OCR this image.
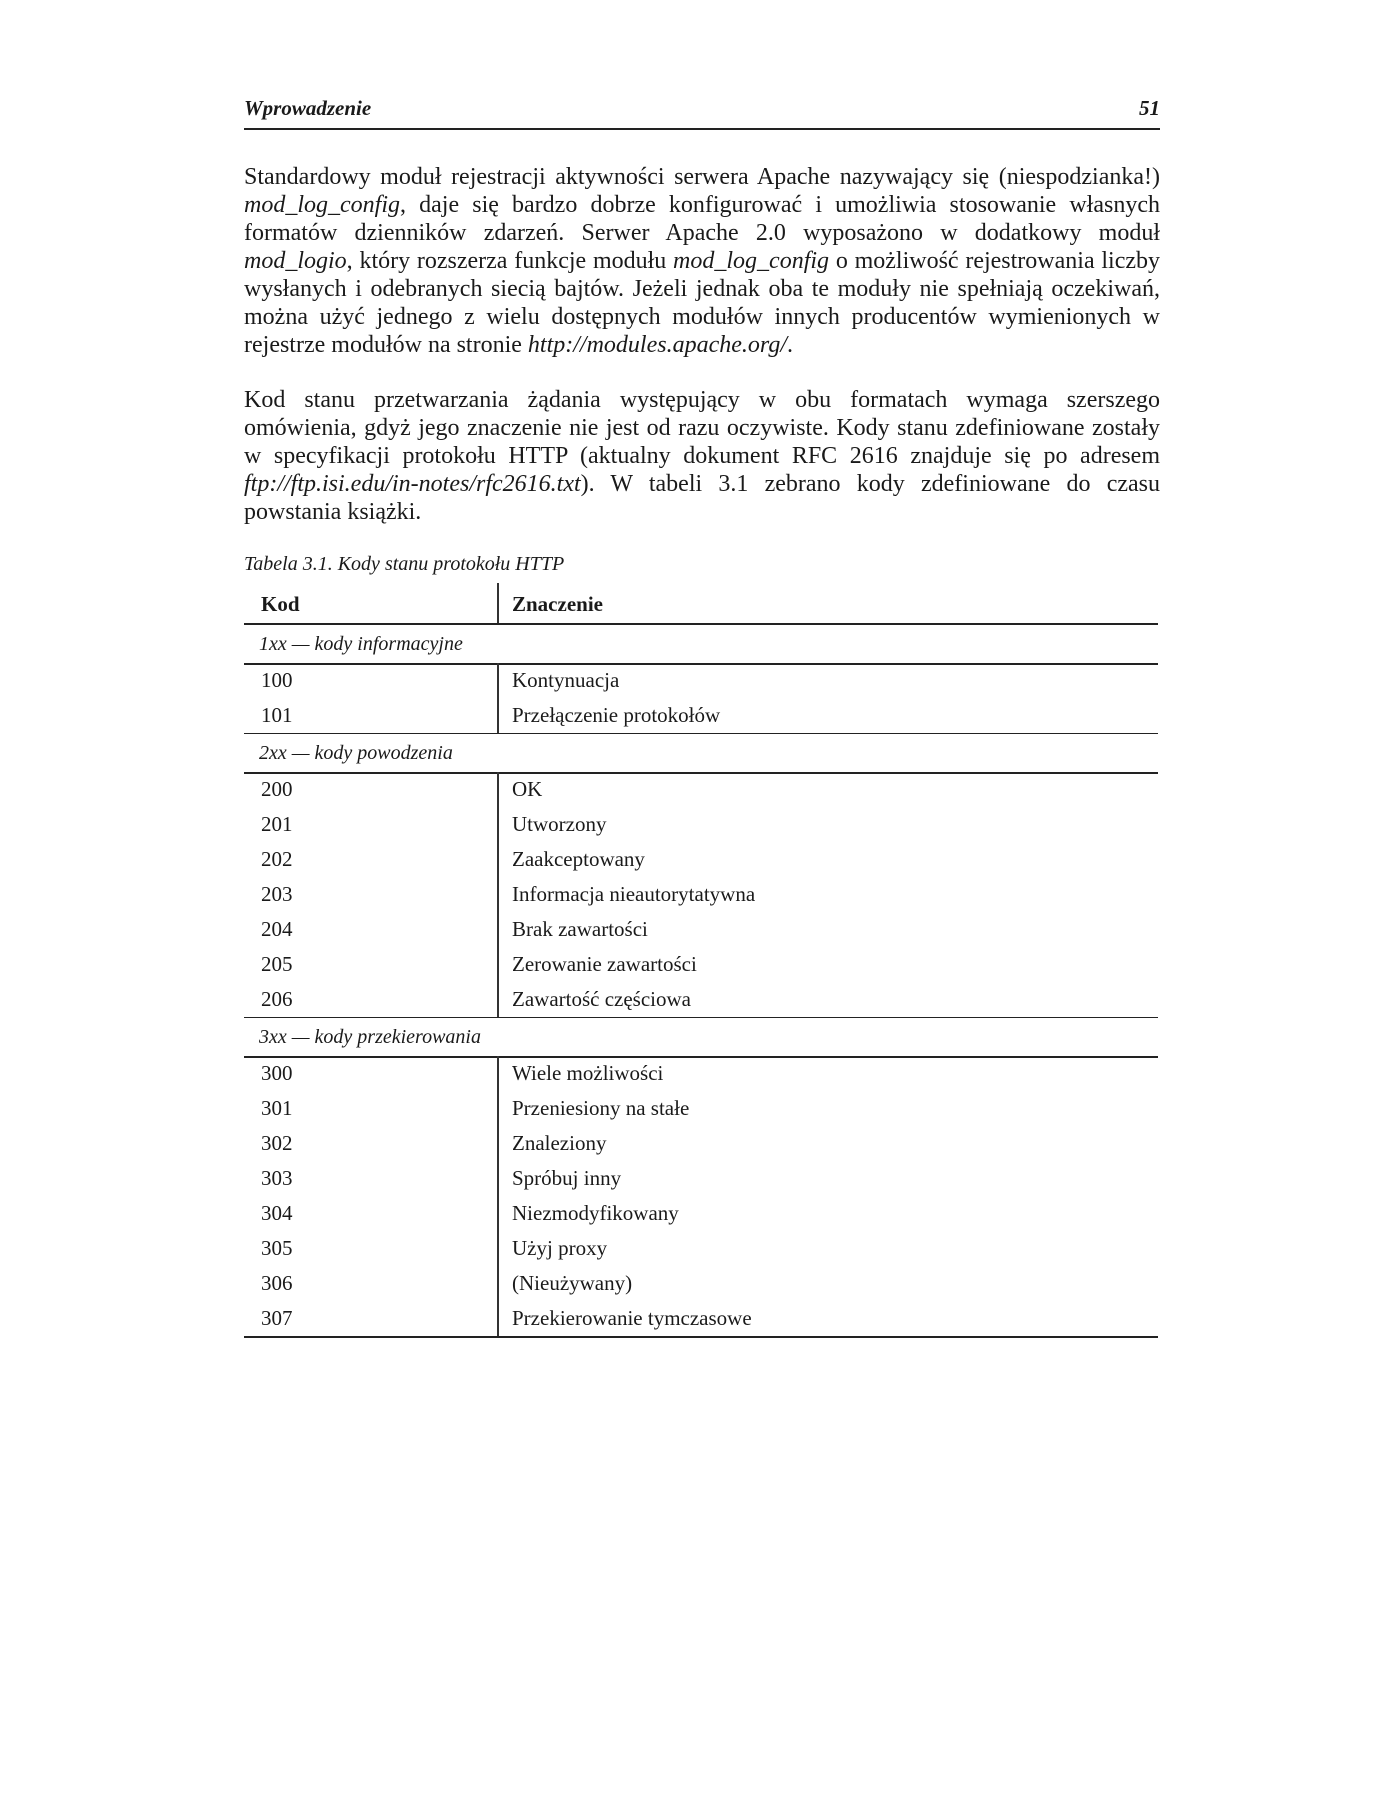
Wprowadzenie	51

Standardowy moduł rejestracji aktywności serwera Apache nazywający się (niespodzianka!) mod_log_config, daje się bardzo dobrze konfigurować i umożliwia stosowanie własnych formatów dzienników zdarzeń. Serwer Apache 2.0 wyposażono w dodatkowy moduł mod_logio, który rozszerza funkcje modułu mod_log_config o możliwość rejestrowania liczby wysłanych i odebranych siecią bajtów. Jeżeli jednak oba te moduły nie spełniają oczekiwań, można użyć jednego z wielu dostępnych modułów innych producentów wymienionych w rejestrze modułów na stronie http://modules.apache.org/.

Kod stanu przetwarzania żądania występujący w obu formatach wymaga szerszego omówienia, gdyż jego znaczenie nie jest od razu oczywiste. Kody stanu zdefiniowane zostały w specyfikacji protokołu HTTP (aktualny dokument RFC 2616 znajduje się po adresem ftp://ftp.isi.edu/in-notes/rfc2616.txt). W tabeli 3.1 zebrano kody zdefiniowane do czasu powstania książki.

Tabela 3.1. Kody stanu protokołu HTTP
Kod	Znaczenie
1xx — kody informacyjne
100	Kontynuacja
101	Przełączenie protokołów
2xx — kody powodzenia
200	OK
201	Utworzony
202	Zaakceptowany
203	Informacja nieautorytatywna
204	Brak zawartości
205	Zerowanie zawartości
206	Zawartość częściowa
3xx — kody przekierowania
300	Wiele możliwości
301	Przeniesiony na stałe
302	Znaleziony
303	Spróbuj inny
304	Niezmodyfikowany
305	Użyj proxy
306	(Nieużywany)
307	Przekierowanie tymczasowe
